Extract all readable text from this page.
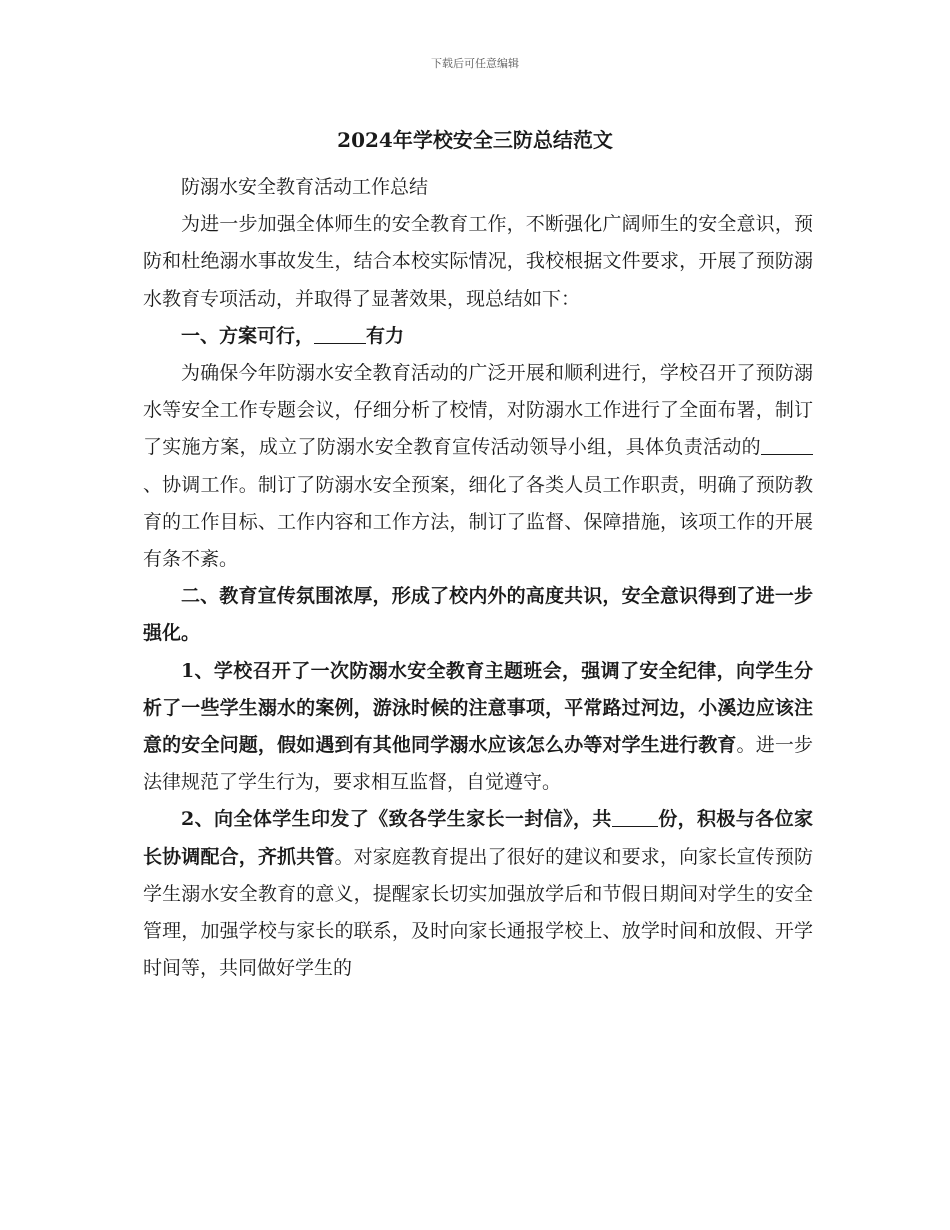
下载后可任意编辑
2024年学校安全三防总结范文

防溺水安全教育活动工作总结

为进一步加强全体师生的安全教育工作，不断强化广阔师生的安全意识，预防和杜绝溺水事故发生，结合本校实际情况，我校根据文件要求，开展了预防溺水教育专项活动，并取得了显著效果，现总结如下：

一、方案可行，	有力

为确保今年防溺水安全教育活动的广泛开展和顺利进行，学校召开了预防溺水等安全工作专题会议，仔细分析了校情，对防溺水工作进行了全面布署，制订了实施方案，成立了防溺水安全教育宣传活动领导小组，具体负责活动的、协调工作。制订了防溺水安全预案，细化了各类人员工作职责，明确了预防教育的工作目标、工作内容和工作方法，制订了监督、保障措施，该项工作的开展有条不紊。

二、教育宣传氛围浓厚，形成了校内外的高度共识，安全意识得到了进一步强化。

1、学校召开了一次防溺水安全教育主题班会，强调了安全纪律，向学生分析了一些学生溺水的案例，游泳时候的注意事项，平常路过河边，小溪边应该注意的安全问题，假如遇到有其他同学溺水应该怎么办等对学生进行教育。进一步法律规范了学生行为，要求相互监督，自觉遵守。

2、向全体学生印发了《致各学生家长一封信》，共 份，积极与各位家长协调配合，齐抓共管。对家庭教育提出了很好的建议和要求，向家长宣传预防学生溺水安全教育的意义，提醒家长切实加强放学后和节假日期间对学生的安全管理，加强学校与家长的联系，及时向家长通报学校上、放学时间和放假、开学时间等，共同做好学生的
